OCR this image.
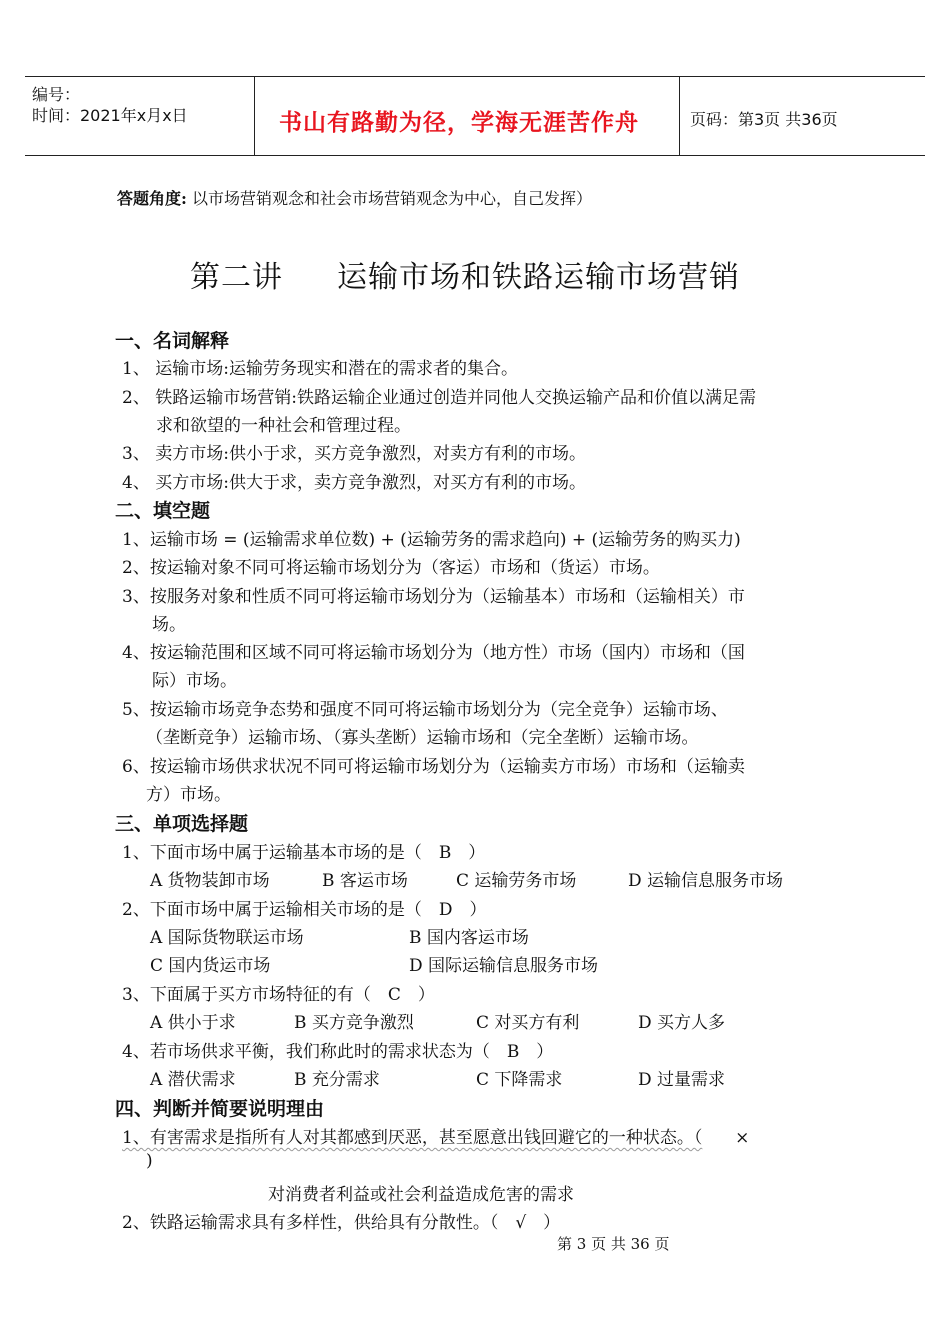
编号：
时间：2021年x月x日	书山有路勤为径，学海无涯苦作舟	页码：第3页 共36页
答题角度: 以市场营销观念和社会市场营销观念为中心，自己发挥）
第二讲 运输市场和铁路运输市场营销
一、名词解释
1、 运输市场:运输劳务现实和潜在的需求者的集合。
2、 铁路运输市场营销:铁路运输企业通过创造并同他人交换运输产品和价值以满足需
求和欲望的一种社会和管理过程。
3、 卖方市场:供小于求，买方竞争激烈，对卖方有利的市场。
4、 买方市场:供大于求，卖方竞争激烈，对买方有利的市场。
二、填空题
1、运输市场 = (运输需求单位数) + (运输劳务的需求趋向) + (运输劳务的购买力)
2、按运输对象不同可将运输市场划分为（客运）市场和（货运）市场。
3、按服务对象和性质不同可将运输市场划分为（运输基本）市场和（运输相关）市
场。
4、按运输范围和区域不同可将运输市场划分为（地方性）市场（国内）市场和（国
际）市场。
5、按运输市场竞争态势和强度不同可将运输市场划分为（完全竞争）运输市场、
（垄断竞争）运输市场、（寡头垄断）运输市场和（完全垄断）运输市场。
6、按运输市场供求状况不同可将运输市场划分为（运输卖方市场）市场和（运输卖
方）市场。
三、单项选择题
1、下面市场中属于运输基本市场的是（　B　）
A 货物装卸市场	B 客运市场	C 运输劳务市场	D 运输信息服务市场
2、下面市场中属于运输相关市场的是（　D　）
A 国际货物联运市场	B 国内客运市场
C 国内货运市场	D 国际运输信息服务市场
3、下面属于买方市场特征的有（　C　）
A 供小于求	B 买方竞争激烈	C 对买方有利	D 买方人多
4、若市场供求平衡，我们称此时的需求状态为（　B　）
A 潜伏需求	B 充分需求	C 下降需求	D 过量需求
四、判断并简要说明理由
1、有害需求是指所有人对其都感到厌恶，甚至愿意出钱回避它的一种状态。（ ×
)
对消费者利益或社会利益造成危害的需求
2、铁路运输需求具有多样性，供给具有分散性。（　√　）
第 3 页 共 36 页
